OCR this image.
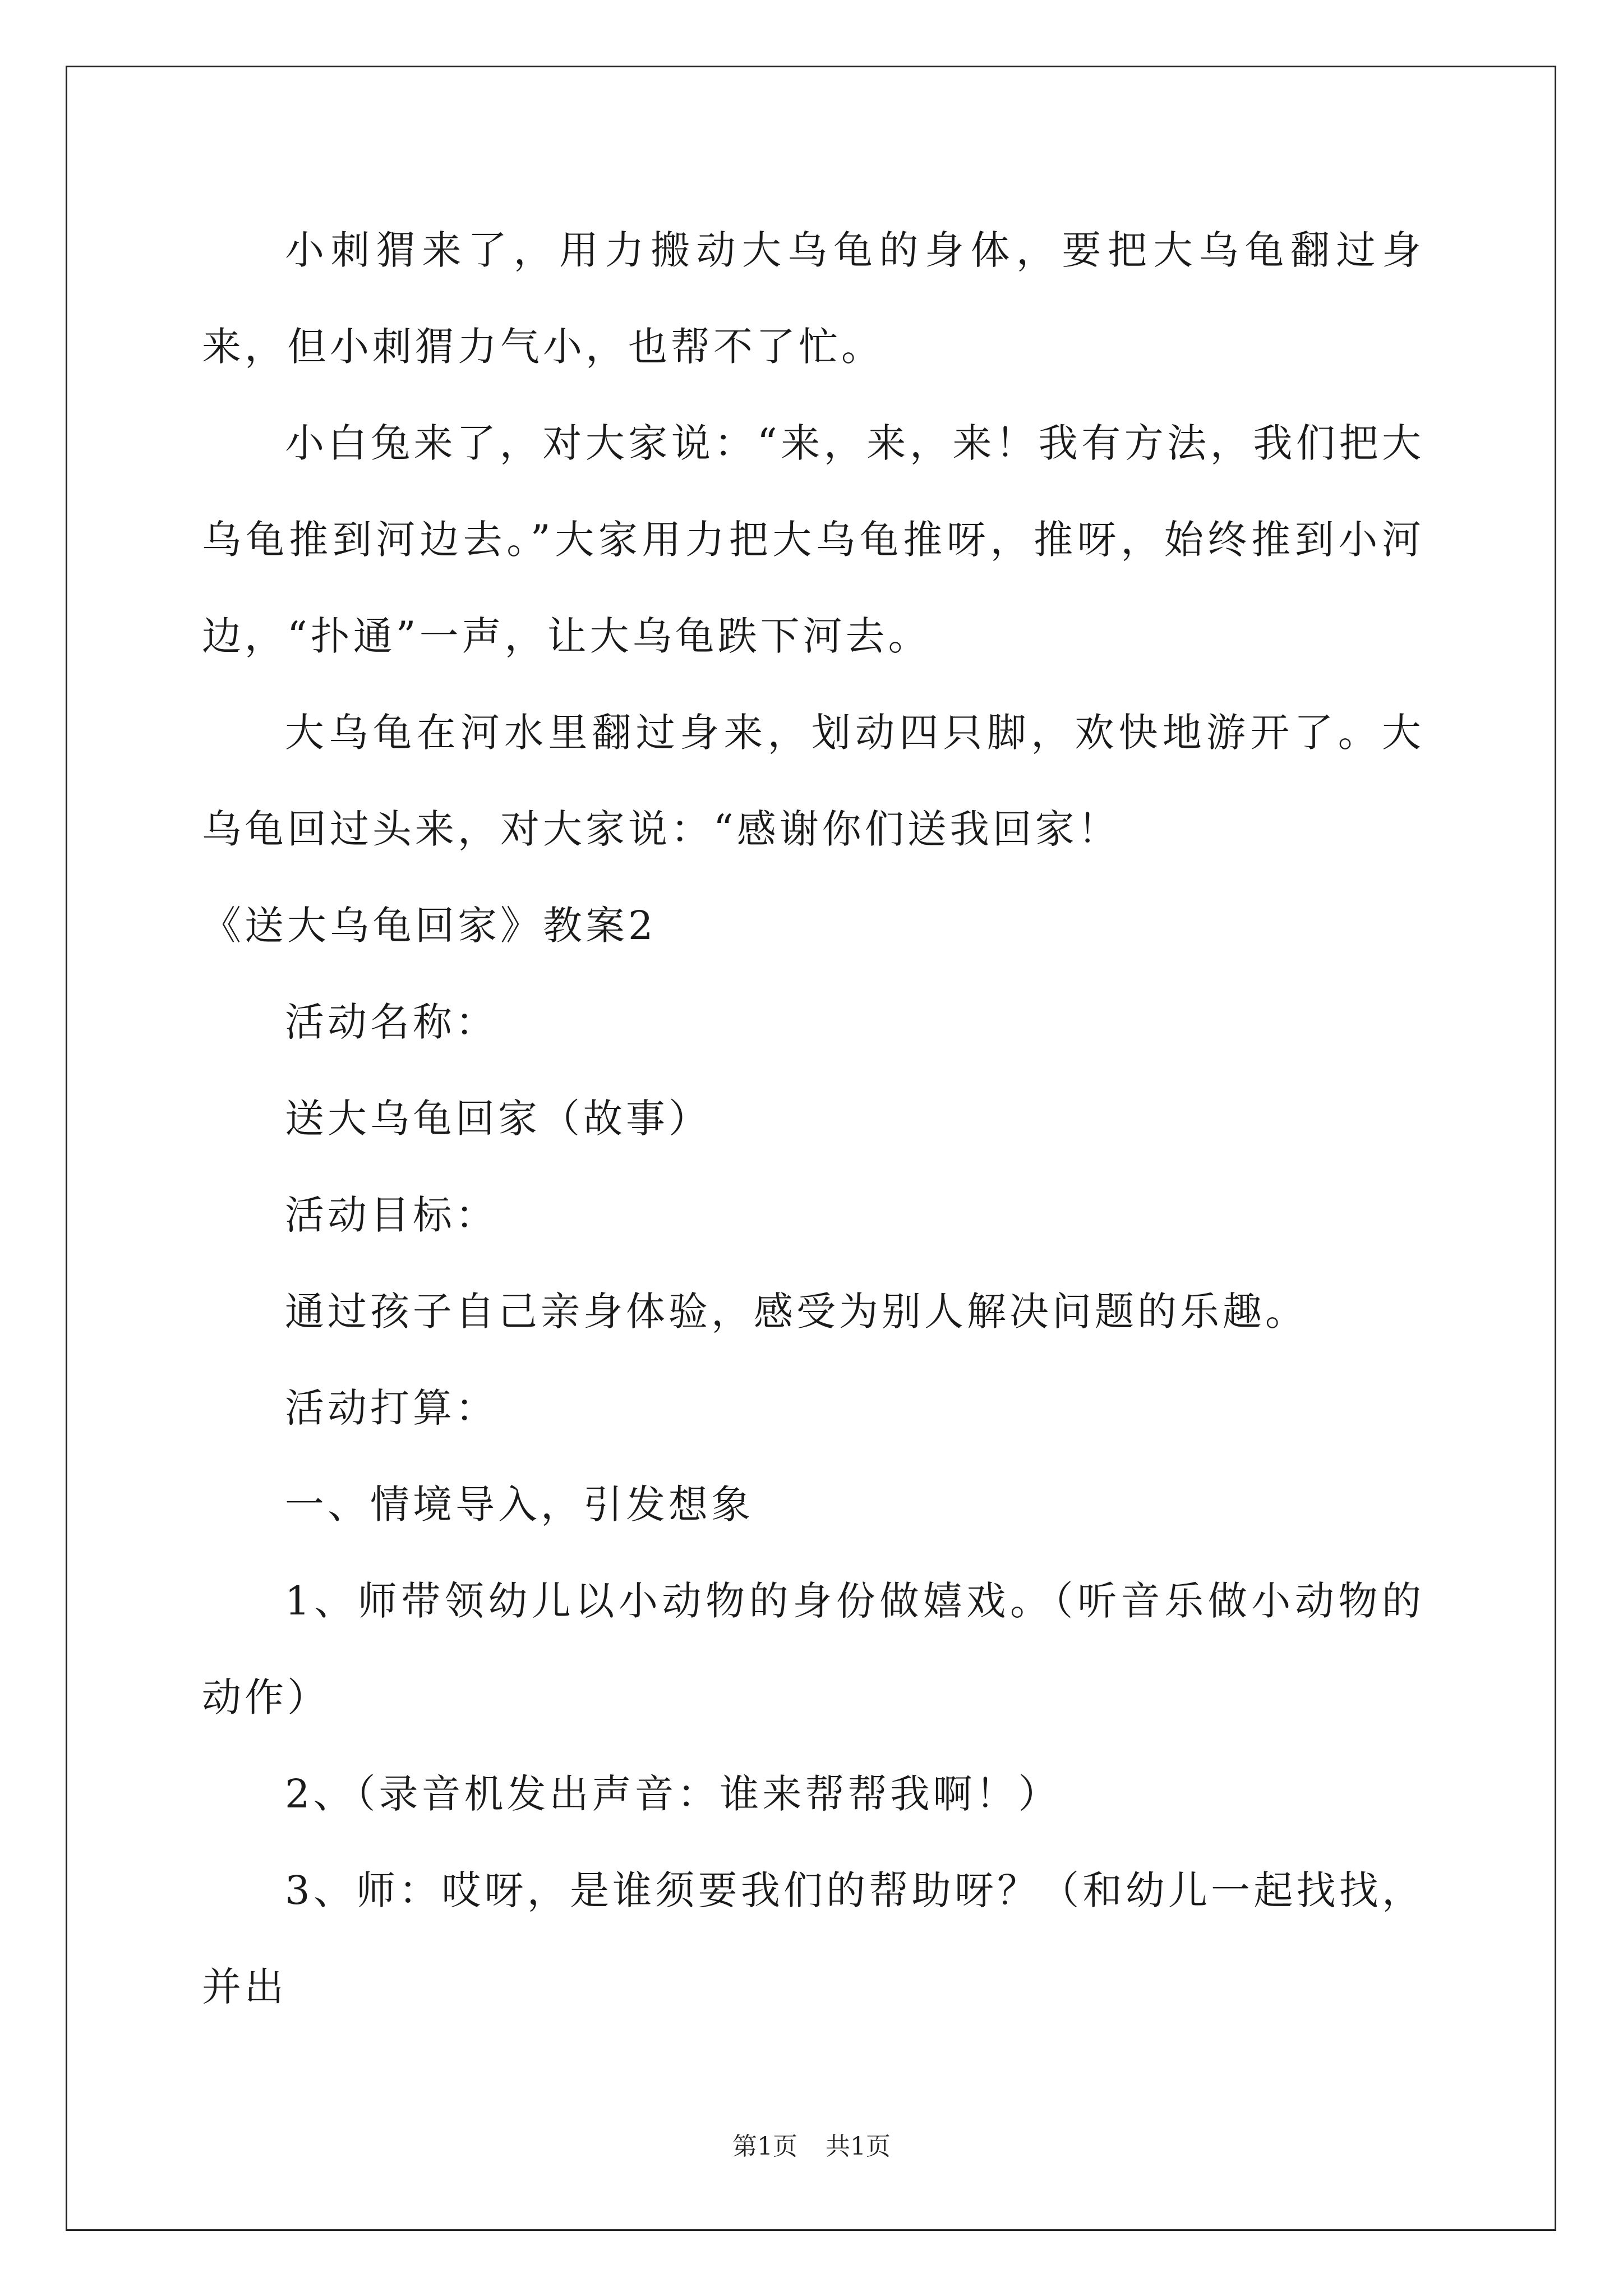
小刺猬来了，用力搬动大乌龟的身体，要把大乌龟翻过身来，但小刺猬力气小，也帮不了忙。

小白兔来了，对大家说：“来，来，来！我有方法，我们把大乌龟推到河边去。”大家用力把大乌龟推呀，推呀，始终推到小河边，“扑通”一声，让大乌龟跌下河去。

大乌龟在河水里翻过身来，划动四只脚，欢快地游开了。大乌龟回过头来，对大家说：“感谢你们送我回家！

《送大乌龟回家》教案2

活动名称：

送大乌龟回家（故事）

活动目标：

通过孩子自己亲身体验，感受为别人解决问题的乐趣。

活动打算：

一、情境导入，引发想象

1、师带领幼儿以小动物的身份做嬉戏。（听音乐做小动物的动作）

2、（录音机发出声音：谁来帮帮我啊！）

3、师：哎呀，是谁须要我们的帮助呀？（和幼儿一起找找，并出

第1页 共1页
